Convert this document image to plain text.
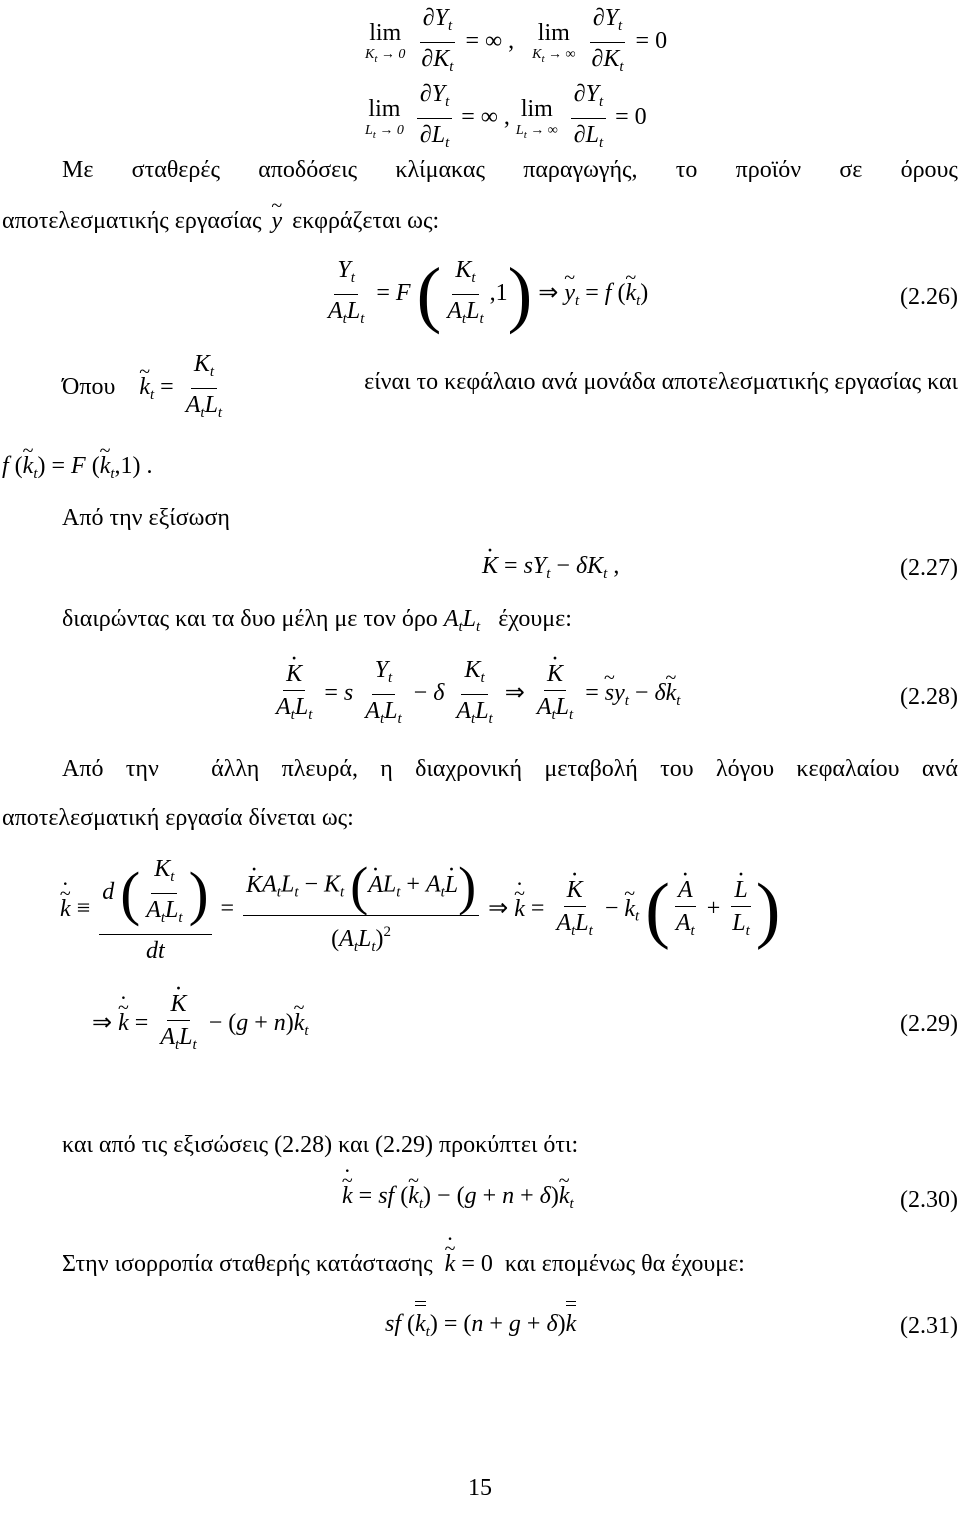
lim
$K_t \to 0$
$\frac{\partial Y_t}{\partial K_t}$ = ∞ , lim
$K_t$ → ∞
$\frac{\partial Y_t}{\partial K_t} = 0$
lim
$L_t \to 0$
$\frac{\partial Y_t}{\partial L_t}$ = ∞ , lim
$L_t$ → ∞
$\frac{\partial Y_t}{\partial L_t} = 0$
Με σταθερές αποδόσεις κλίμακας παραγωγής, το προϊόν σε όρους
αποτελεσματικής εργασίας y ~ εκφράζεται ως:
$\frac{Y_t}{A_tL_t} = F$ ( $\frac{K_t}{A_tL_t} ,1$) ⇒ y $\sim_t = f$ (k $\sim_t$)	(2.26)
Όπου k $\sim_t = \frac{K_t}{A_tL_t}$	είναι το κεφάλαιο ανά μονάδα αποτελεσματικής εργασίας και
f (k $\sim_t) = F$ (k $\sim_t,1$) .
Από την εξίσωση
K · = $sY_t - \delta K_t$ ,	(2.27)
διαιρώντας και τα δυο μέλη με τον όρο $A_tL_t$ έχουμε:
$\frac{K \cdot}{A_tL_t} = s \frac{Y_t}{A_tL_t} - \delta \frac{K_t}{A_tL_t}$ ⇒ $\frac{K \cdot}{A_tL_t} = s$ $\sim y_t - \delta k$ $\sim_t$	(2.28)
Από την άλλη πλευρά, η διαχρονική μεταβολή του λόγου κεφαλαίου ανά
αποτελεσματική εργασία δίνεται ως:
~ k · ≡ $\frac{d ( \frac{K_t}{A_tL_t} )}{dt} = \frac{K \cdot A_tL_t - K_t (A \cdot L_t + A_tL \cdot)}{(A_tL_t)^2}$ ⇒ ~ k · = $\frac{K \cdot}{A_tL_t} - k$ $\sim_t$ ( $\frac{A \cdot}{A_t} + \frac{L \cdot}{L_t}$ )
⇒ ~ k · = $\frac{K \cdot}{A_tL_t} - (g + n)k$ $\sim_t$	(2.29)
και από τις εξισώσεις (2.28) και (2.29) προκύπτει ότι:
~ k · = sf (k $\sim_t) - (g + n + \delta)k$ $\sim_t$	(2.30)
Στην ισορροπία σταθερής κατάστασης  ~ k · = 0  και επομένως θα έχουμε:
sf $(k_t) = (n + g + \delta)k$	(2.31)
15
